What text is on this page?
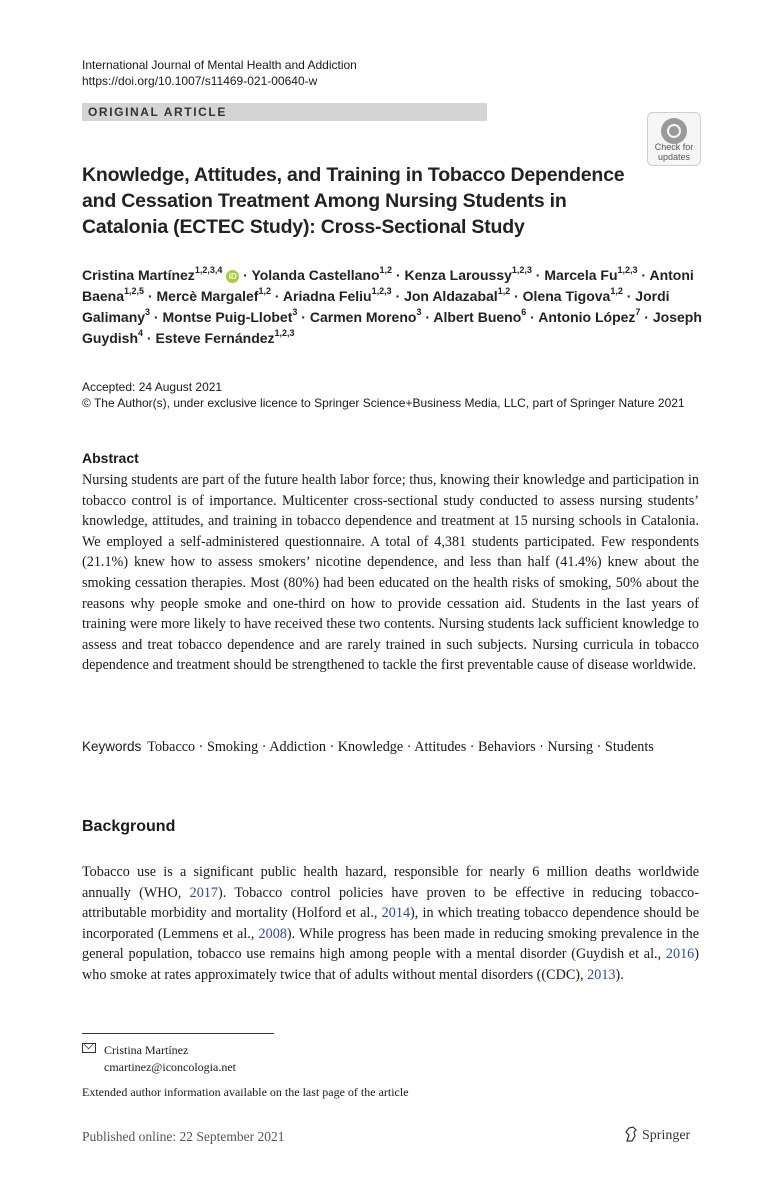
International Journal of Mental Health and Addiction
https://doi.org/10.1007/s11469-021-00640-w
ORIGINAL ARTICLE
Check for updates
Knowledge, Attitudes, and Training in Tobacco Dependence and Cessation Treatment Among Nursing Students in Catalonia (ECTEC Study): Cross-Sectional Study
Cristina Martínez$^{1,2,3,4}$ iD · Yolanda Castellano$^{1,2}$ · Kenza Laroussy$^{1,2,3}$ · Marcela Fu$^{1,2,3}$ · Antoni Baena$^{1,2,5}$ · Mercè Margalef$^{1,2}$ · Ariadna Feliu$^{1,2,3}$ · Jon Aldazabal$^{1,2}$ · Olena Tigova$^{1,2}$ · Jordi Galimany$^3$ · Montse Puig-Llobet$^3$ · Carmen Moreno$^3$ · Albert Bueno$^6$ · Antonio López$^7$ · Joseph Guydish$^4$ · Esteve Fernández$^{1,2,3}$
Accepted: 24 August 2021
© The Author(s), under exclusive licence to Springer Science+Business Media, LLC, part of Springer Nature 2021
Abstract
Nursing students are part of the future health labor force; thus, knowing their knowledge and participation in tobacco control is of importance. Multicenter cross-sectional study conducted to assess nursing students’ knowledge, attitudes, and training in tobacco dependence and treatment at 15 nursing schools in Catalonia. We employed a self-administered questionnaire. A total of 4,381 students participated. Few respondents (21.1%) knew how to assess smokers’ nicotine dependence, and less than half (41.4%) knew about the smoking cessation therapies. Most (80%) had been educated on the health risks of smoking, 50% about the reasons why people smoke and one-third on how to provide cessation aid. Students in the last years of training were more likely to have received these two contents. Nursing students lack sufficient knowledge to assess and treat tobacco dependence and are rarely trained in such subjects. Nursing curricula in tobacco dependence and treatment should be strengthened to tackle the first preventable cause of disease worldwide.
Keywords Tobacco · Smoking · Addiction · Knowledge · Attitudes · Behaviors · Nursing · Students
Background
Tobacco use is a significant public health hazard, responsible for nearly 6 million deaths worldwide annually (WHO, 2017). Tobacco control policies have proven to be effective in reducing tobacco-attributable morbidity and mortality (Holford et al., 2014), in which treating tobacco dependence should be incorporated (Lemmens et al., 2008). While progress has been made in reducing smoking prevalence in the general population, tobacco use remains high among people with a mental disorder (Guydish et al., 2016) who smoke at rates approximately twice that of adults without mental disorders ((CDC), 2013).
Cristina Martínez
cmartinez@iconcologia.net
Extended author information available on the last page of the article
Published online: 22 September 2021	Springer
